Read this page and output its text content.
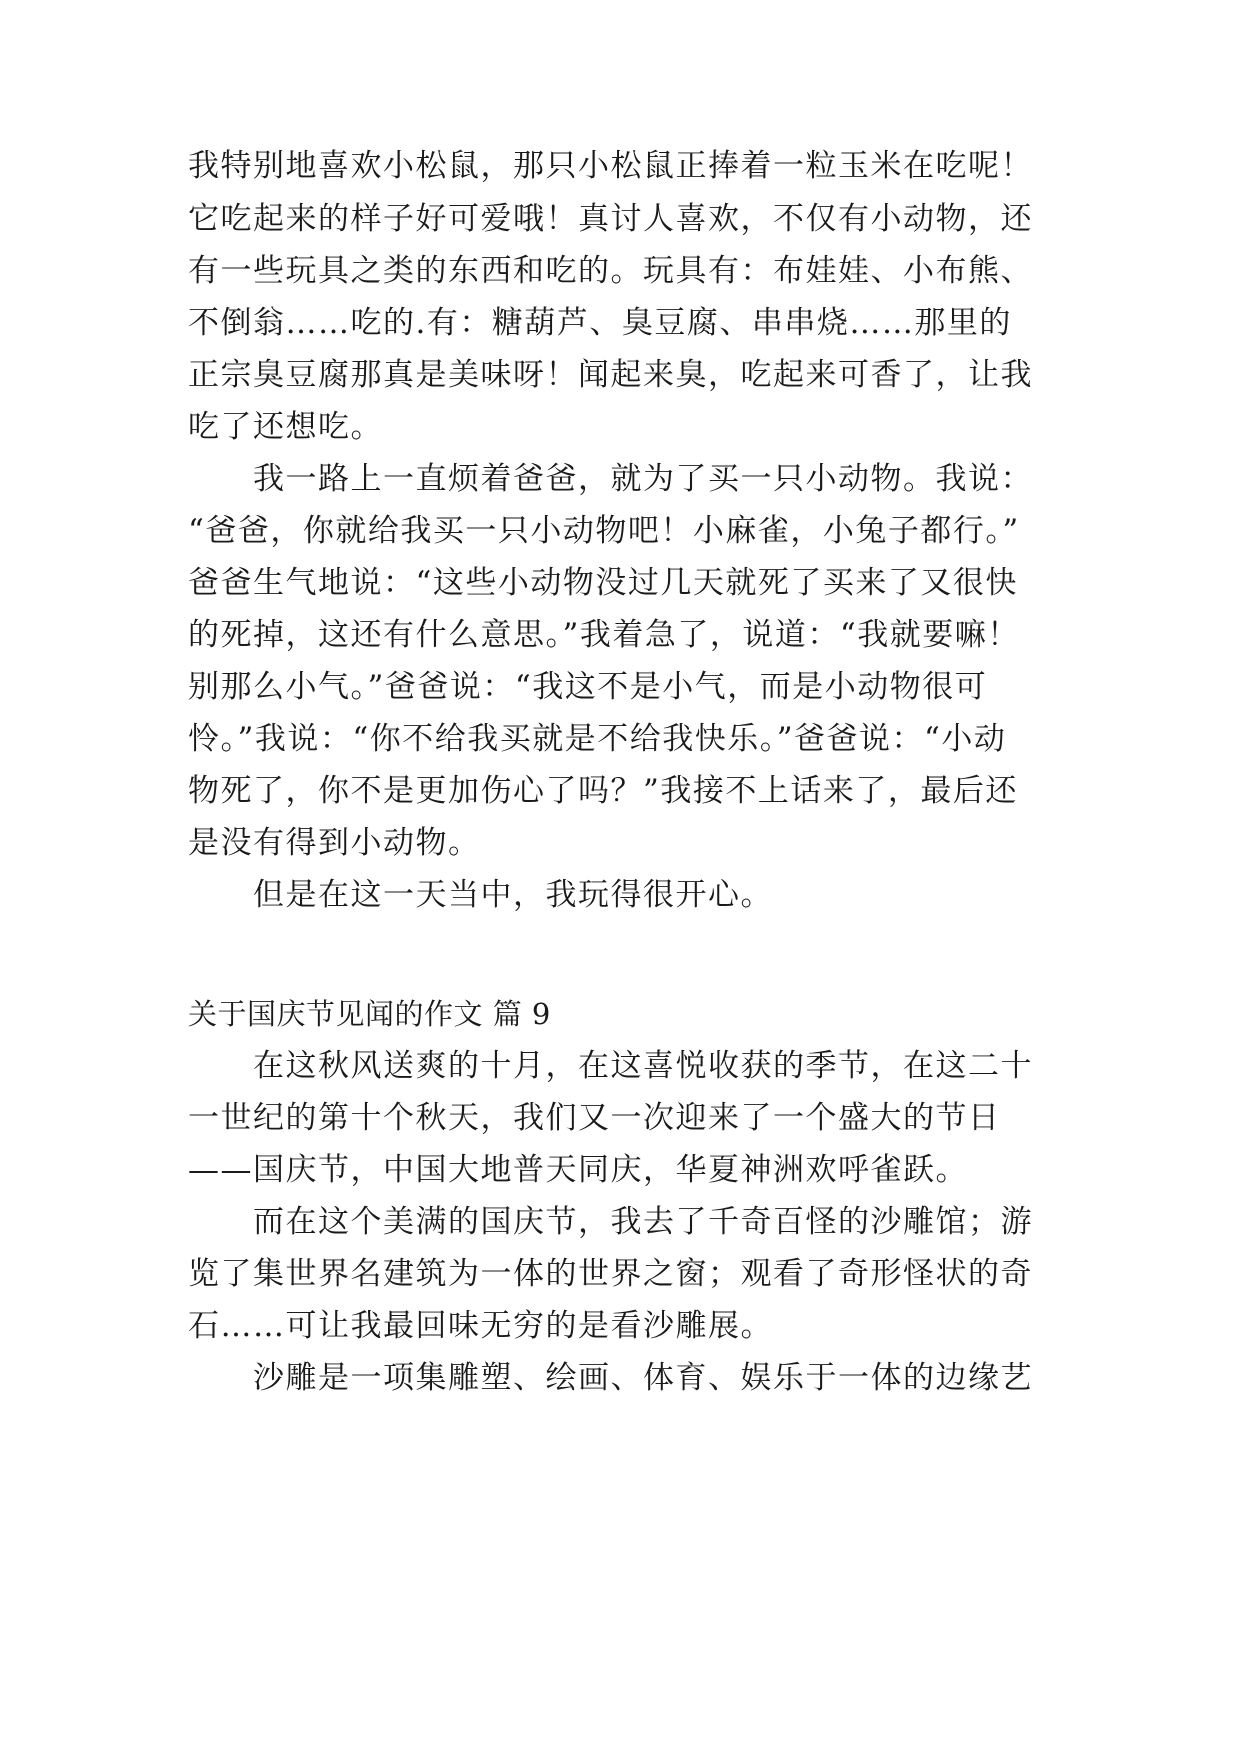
我特别地喜欢小松鼠，那只小松鼠正捧着一粒玉米在吃呢！
它吃起来的样子好可爱哦！真讨人喜欢，不仅有小动物，还
有一些玩具之类的东西和吃的。玩具有：布娃娃、小布熊、
不倒翁……吃的.有：糖葫芦、臭豆腐、串串烧……那里的
正宗臭豆腐那真是美味呀！闻起来臭，吃起来可香了，让我
吃了还想吃。
　　我一路上一直烦着爸爸，就为了买一只小动物。我说：
“爸爸，你就给我买一只小动物吧！小麻雀，小兔子都行。”
爸爸生气地说：“这些小动物没过几天就死了买来了又很快
的死掉，这还有什么意思。”我着急了，说道：“我就要嘛！
别那么小气。”爸爸说：“我这不是小气，而是小动物很可
怜。”我说：“你不给我买就是不给我快乐。”爸爸说：“小动
物死了，你不是更加伤心了吗？”我接不上话来了，最后还
是没有得到小动物。
　　但是在这一天当中，我玩得很开心。
关于国庆节见闻的作文 篇 9
　　在这秋风送爽的十月，在这喜悦收获的季节，在这二十
一世纪的第十个秋天，我们又一次迎来了一个盛大的节日
——国庆节，中国大地普天同庆，华夏神洲欢呼雀跃。
　　而在这个美满的国庆节，我去了千奇百怪的沙雕馆；游
览了集世界名建筑为一体的世界之窗；观看了奇形怪状的奇
石……可让我最回味无穷的是看沙雕展。
　　沙雕是一项集雕塑、绘画、体育、娱乐于一体的边缘艺
